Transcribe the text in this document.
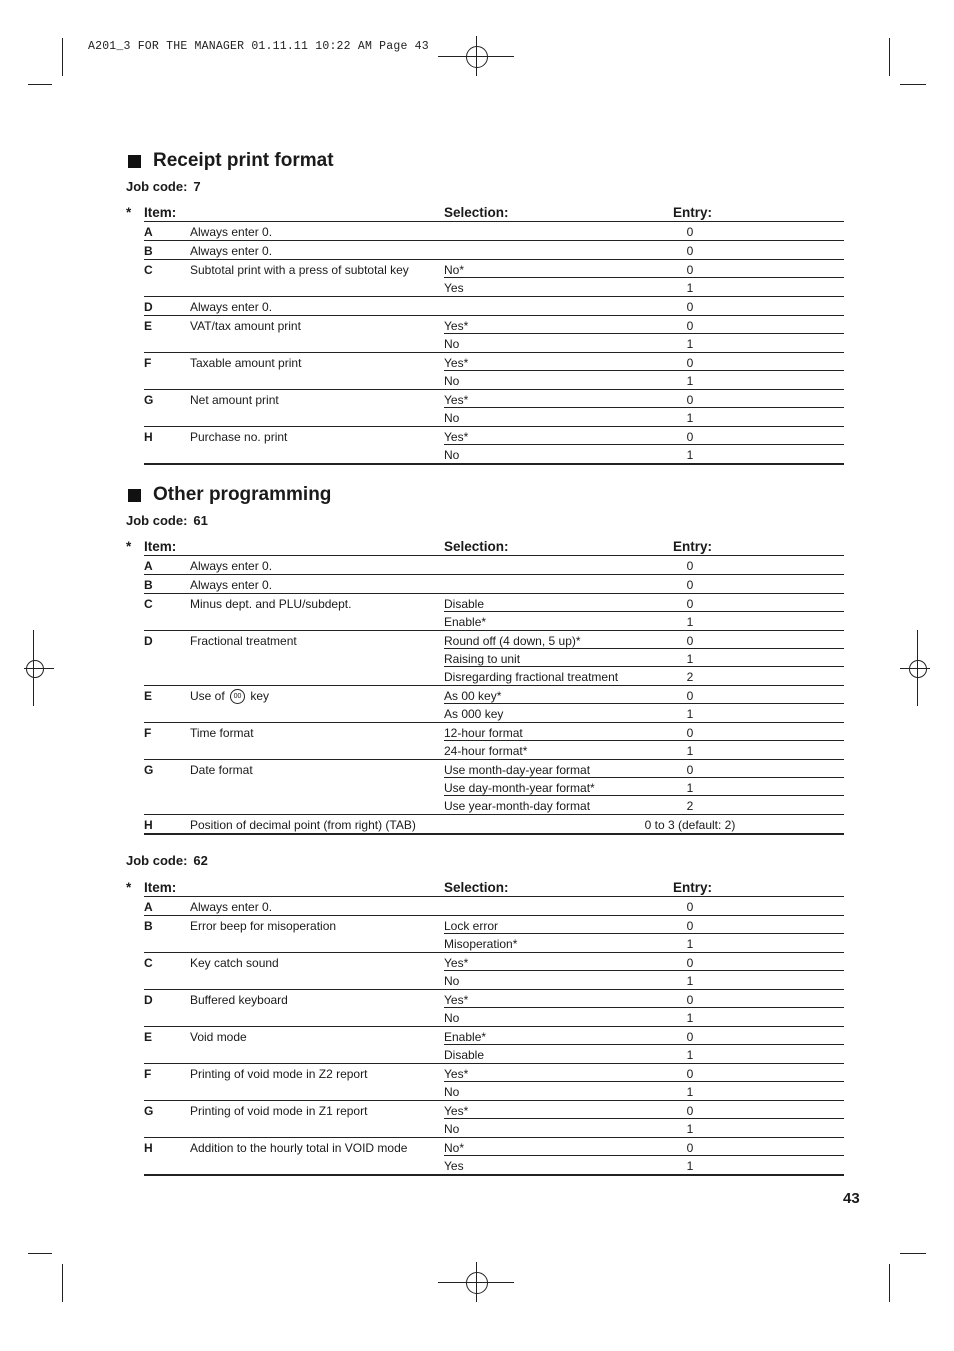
A201_3 FOR THE MANAGER 01.11.11 10:22 AM Page 43
Receipt print format
Job code: 7
* Item:	Selection:	Entry:
A	Always enter 0.	0
B	Always enter 0.	0
C	Subtotal print with a press of subtotal key	No*	0
Yes	1
D	Always enter 0.	0
E	VAT/tax amount print	Yes*	0
No	1
F	Taxable amount print	Yes*	0
No	1
G	Net amount print	Yes*	0
No	1
H	Purchase no. print	Yes*	0
No	1
Other programming
Job code: 61
* Item:	Selection:	Entry:
A	Always enter 0.	0
B	Always enter 0.	0
C	Minus dept. and PLU/subdept.	Disable	0
Enable*	1
D	Fractional treatment	Round off (4 down, 5 up)*	0
Raising to unit	1
Disregarding fractional treatment	2
E	Use of 00 key	As 00 key*	0
As 000 key	1
F	Time format	12-hour format	0
24-hour format*	1
G	Date format	Use month-day-year format	0
Use day-month-year format*	1
Use year-month-day format	2
H	Position of decimal point (from right) (TAB)	0 to 3 (default: 2)
Job code: 62
* Item:	Selection:	Entry:
A	Always enter 0.	0
B	Error beep for misoperation	Lock error	0
Misoperation*	1
C	Key catch sound	Yes*	0
No	1
D	Buffered keyboard	Yes*	0
No	1
E	Void mode	Enable*	0
Disable	1
F	Printing of void mode in Z2 report	Yes*	0
No	1
G	Printing of void mode in Z1 report	Yes*	0
No	1
H	Addition to the hourly total in VOID mode	No*	0
Yes	1
43
